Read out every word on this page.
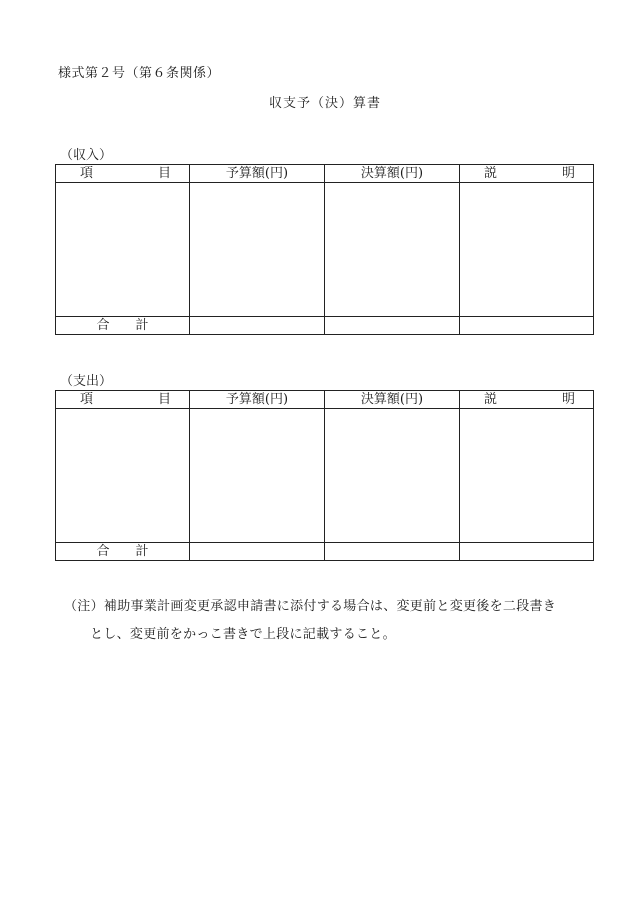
様式第２号（第６条関係）
収支予（決）算書
（収入）
項 目	予算額(円)	決算額(円)	説 明

合 計			

（支出）
項 目	予算額(円)	決算額(円)	説 明

合 計			

（注）補助事業計画変更承認申請書に添付する場合は、変更前と変更後を二段書き
とし、変更前をかっこ書きで上段に記載すること。
